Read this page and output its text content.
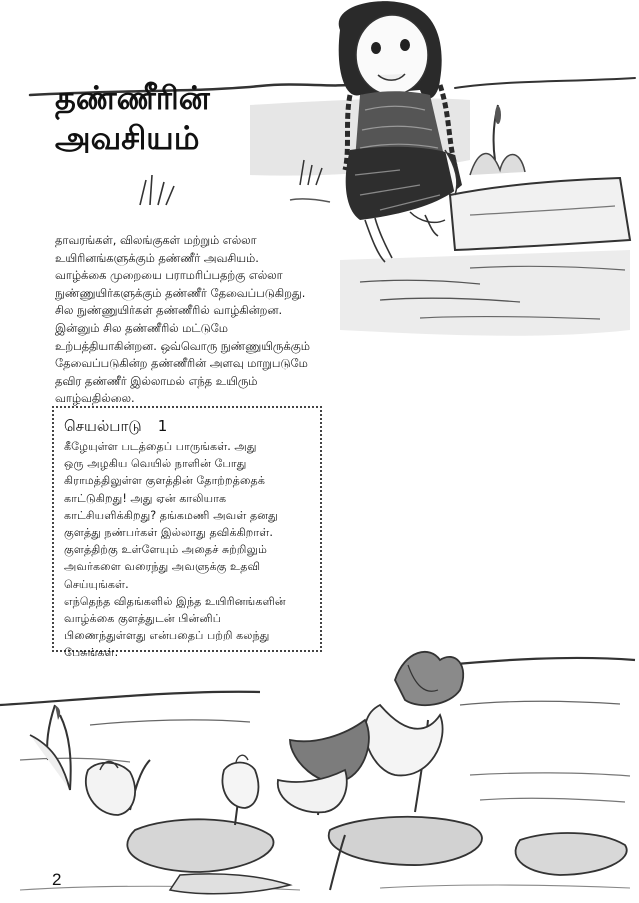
தண்ணீரின்
அவசியம்
தாவரங்கள், விலங்குகள் மற்றும் எல்லா
உயிரினங்களுக்கும் தண்ணீர் அவசியம்.
வாழ்க்கை முறையை பராமரிப்பதற்கு எல்லா
நுண்ணுயிர்களுக்கும் தண்ணீர் தேவைப்படுகிறது.
சில நுண்ணுயிர்கள் தண்ணீரில் வாழ்கின்றன.
இன்னும் சில தண்ணீரில் மட்டுமே
உற்பத்தியாகின்றன. ஒவ்வொரு நுண்ணுயிருக்கும்
தேவைப்படுகின்ற தண்ணீரின் அளவு மாறுபடுமே
தவிர தண்ணீர் இல்லாமல் எந்த உயிரும்
வாழ்வதில்லை.
செயல்பாடு 1
கீழேயுள்ள படத்தைப் பாருங்கள். அது
ஒரு அழகிய வெயில் நாளின் போது
கிராமத்திலுள்ள குளத்தின் தோற்றத்தைக்
காட்டுகிறது! அது ஏன் காலியாக
காட்சியளிக்கிறது? தங்கமணி அவள் தனது
குளத்து நண்பர்கள் இல்லாது தவிக்கிறாள்.
குளத்திற்கு உள்ளேயும் அதைச் சுற்றிலும்
அவர்களை வரைந்து அவளுக்கு உதவி
செய்யுங்கள்.
எந்தெந்த விதங்களில் இந்த உயிரினங்களின்
வாழ்க்கை குளத்துடன் பின்னிப்
பிணைந்துள்ளது என்பதைப் பற்றி கலந்து
பேசுங்கள்.
2
